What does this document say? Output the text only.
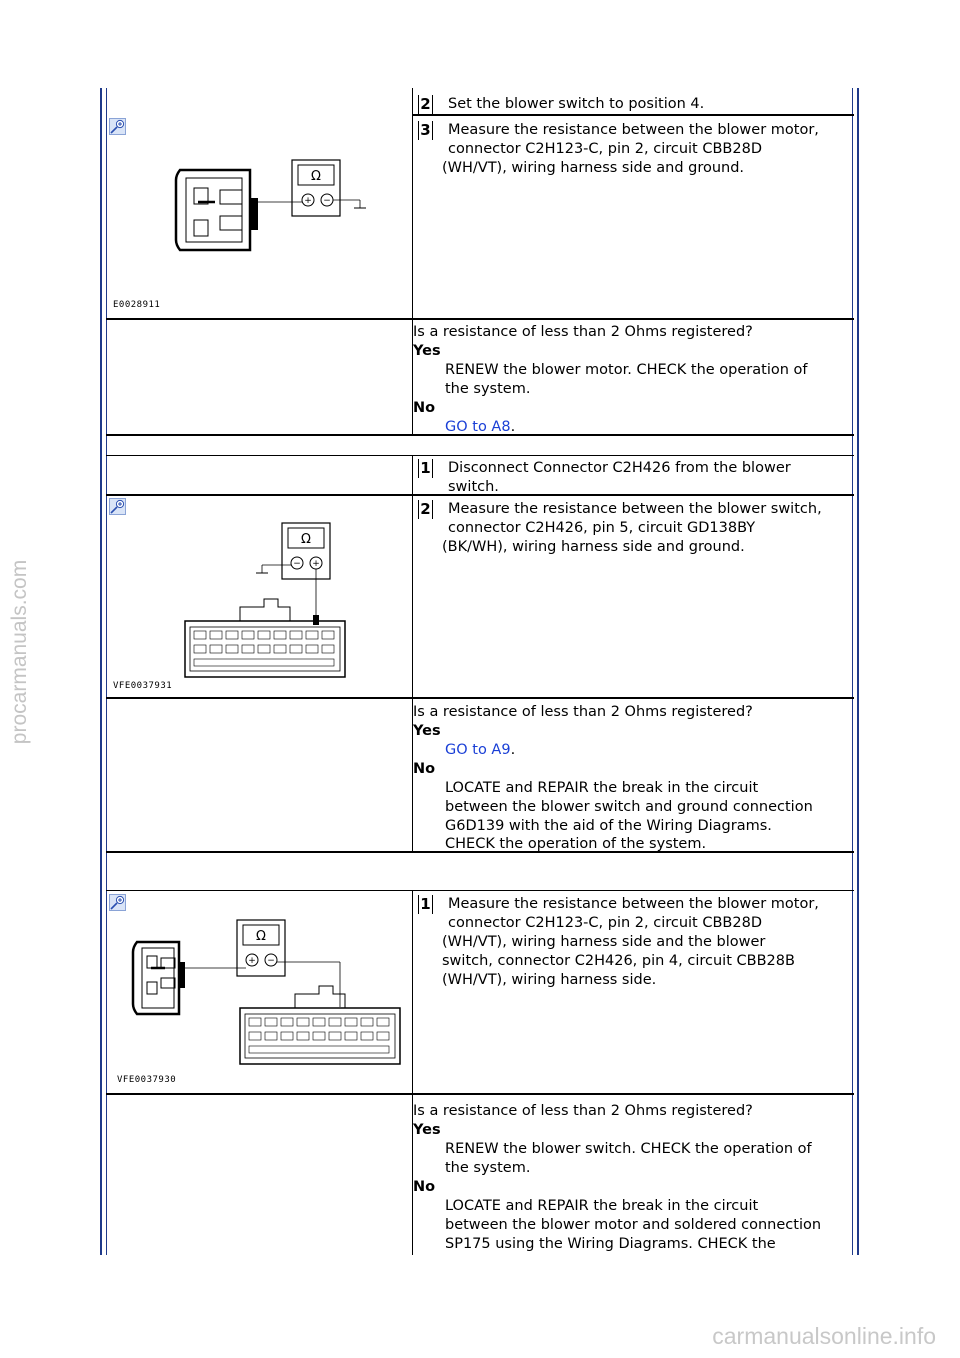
2 Set the blower switch to position 4.
Ω
+ −
E0028911
3 Measure the resistance between the blower motor,
connector C2H123-C, pin 2, circuit CBB28D
(WH/VT), wiring harness side and ground.
Is a resistance of less than 2 Ohms registered?
Yes
RENEW the blower motor. CHECK the operation of
the system.
No
GO to A8.
1 Disconnect Connector C2H426 from the blower
switch.
Ω
− +
VFE0037931
2 Measure the resistance between the blower switch,
connector C2H426, pin 5, circuit GD138BY
(BK/WH), wiring harness side and ground.
Is a resistance of less than 2 Ohms registered?
Yes
GO to A9.
No
LOCATE and REPAIR the break in the circuit
between the blower switch and ground connection
G6D139 with the aid of the Wiring Diagrams.
CHECK the operation of the system.
Ω
+ −
VFE0037930
1 Measure the resistance between the blower motor,
connector C2H123-C, pin 2, circuit CBB28D
(WH/VT), wiring harness side and the blower
switch, connector C2H426, pin 4, circuit CBB28B
(WH/VT), wiring harness side.
Is a resistance of less than 2 Ohms registered?
Yes
RENEW the blower switch. CHECK the operation of
the system.
No
LOCATE and REPAIR the break in the circuit
between the blower motor and soldered connection
SP175 using the Wiring Diagrams. CHECK the
procarmanuals.com
carmanualsonline.info
